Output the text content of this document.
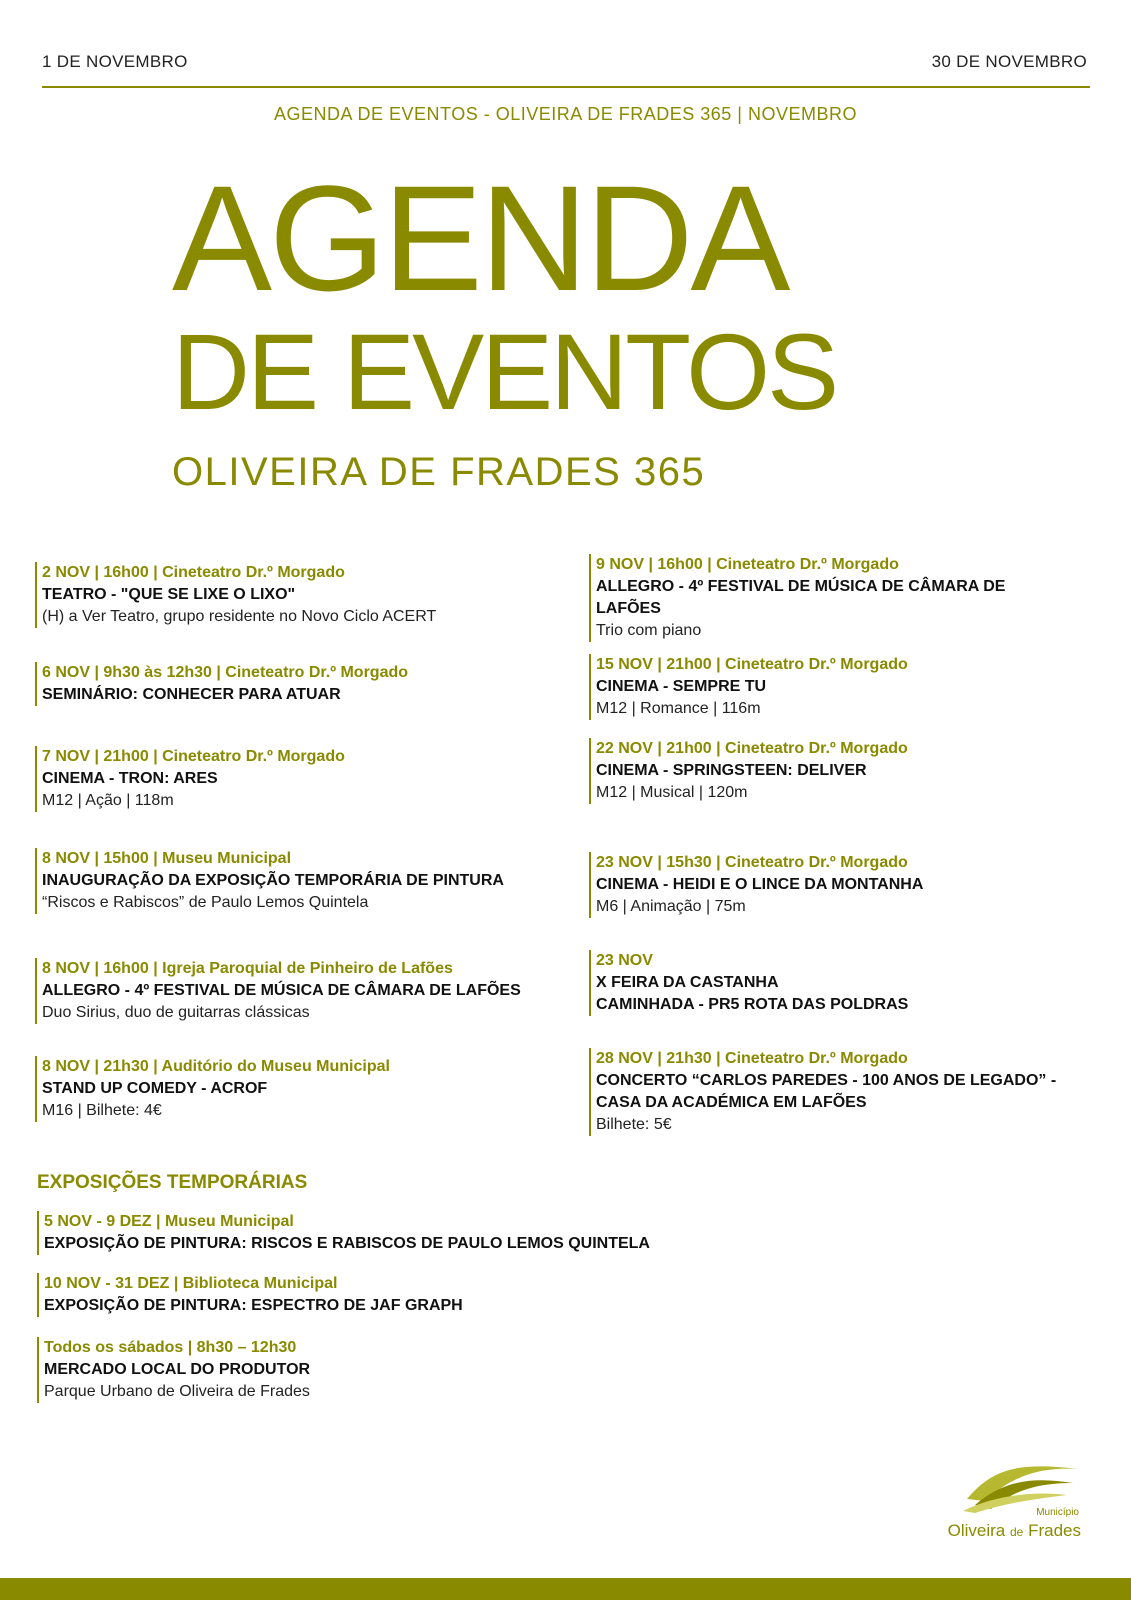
1 DE NOVEMBRO	30 DE NOVEMBRO
AGENDA DE EVENTOS - OLIVEIRA DE FRADES 365 | NOVEMBRO
AGENDA
DE EVENTOS
OLIVEIRA DE FRADES 365
2 NOV | 16h00 | Cineteatro Dr.º Morgado
TEATRO - "QUE SE LIXE O LIXO"
(H) a Ver Teatro, grupo residente no Novo Ciclo ACERT
6 NOV | 9h30 às 12h30 | Cineteatro Dr.º Morgado
SEMINÁRIO: CONHECER PARA ATUAR
7 NOV | 21h00 | Cineteatro Dr.º Morgado
CINEMA - TRON: ARES
M12 | Ação | 118m
8 NOV | 15h00 | Museu Municipal
INAUGURAÇÃO DA EXPOSIÇÃO TEMPORÁRIA DE PINTURA
“Riscos e Rabiscos” de Paulo Lemos Quintela
8 NOV | 16h00 | Igreja Paroquial de Pinheiro de Lafões
ALLEGRO - 4º FESTIVAL DE MÚSICA DE CÂMARA DE LAFÕES
Duo Sirius, duo de guitarras clássicas
8 NOV | 21h30 | Auditório do Museu Municipal
STAND UP COMEDY - ACROF
M16 | Bilhete: 4€
9 NOV | 16h00 | Cineteatro Dr.º Morgado
ALLEGRO - 4º FESTIVAL DE MÚSICA DE CÂMARA DE LAFÕES
Trio com piano
15 NOV | 21h00 | Cineteatro Dr.º Morgado
CINEMA - SEMPRE TU
M12 | Romance | 116m
22 NOV | 21h00 | Cineteatro Dr.º Morgado
CINEMA - SPRINGSTEEN: DELIVER
M12 | Musical | 120m
23 NOV | 15h30 | Cineteatro Dr.º Morgado
CINEMA - HEIDI E O LINCE DA MONTANHA
M6 | Animação | 75m
23 NOV
X FEIRA DA CASTANHA
CAMINHADA - PR5 ROTA DAS POLDRAS
28 NOV | 21h30 | Cineteatro Dr.º Morgado
CONCERTO “CARLOS PAREDES - 100 ANOS DE LEGADO” - CASA DA ACADÉMICA EM LAFÕES
Bilhete: 5€
EXPOSIÇÕES TEMPORÁRIAS
5 NOV - 9 DEZ | Museu Municipal
EXPOSIÇÃO DE PINTURA: RISCOS E RABISCOS DE PAULO LEMOS QUINTELA
10 NOV - 31 DEZ | Biblioteca Municipal
EXPOSIÇÃO DE PINTURA: ESPECTRO DE JAF GRAPH
Todos os sábados | 8h30 – 12h30
MERCADO LOCAL DO PRODUTOR
Parque Urbano de Oliveira de Frades
Município
Oliveira de Frades
